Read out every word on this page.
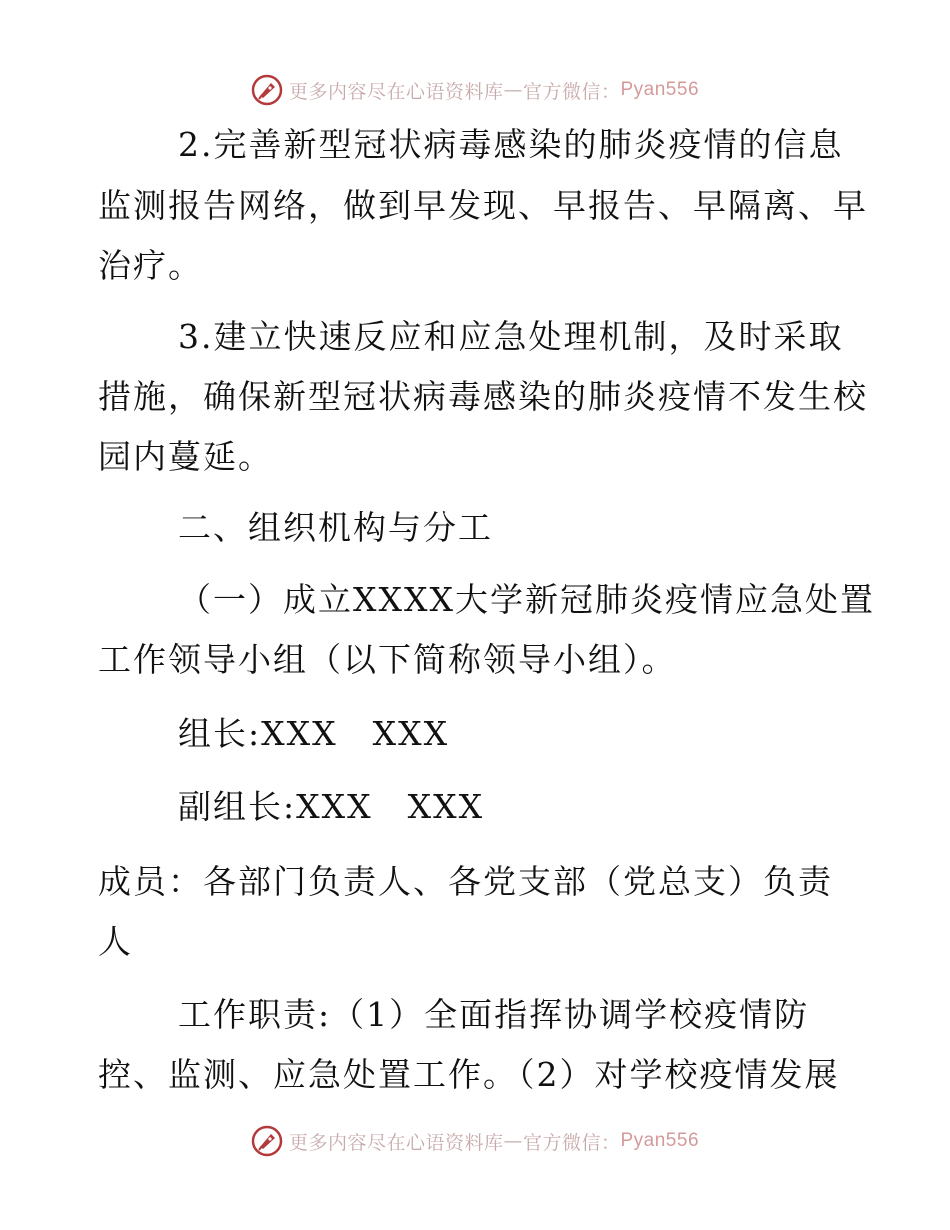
更多内容尽在心语资料库 — 官方微信： Pyan556
2.完善新型冠状病毒感染的肺炎疫情的信息
监测报告网络，做到早发现、早报告、早隔离、早
治疗。
3.建立快速反应和应急处理机制，及时采取
措施，确保新型冠状病毒感染的肺炎疫情不发生校
园内蔓延。
二、组织机构与分工
（一）成立XXXX大学新冠肺炎疫情应急处置
工作领导小组（以下简称领导小组）。
组长:XXX　XXX
副组长:XXX　XXX
成员：各部门负责人、各党支部（党总支）负责
人
工作职责:（1）全面指挥协调学校疫情防
控、监测、应急处置工作。（2）对学校疫情发展
更多内容尽在心语资料库 — 官方微信： Pyan556
